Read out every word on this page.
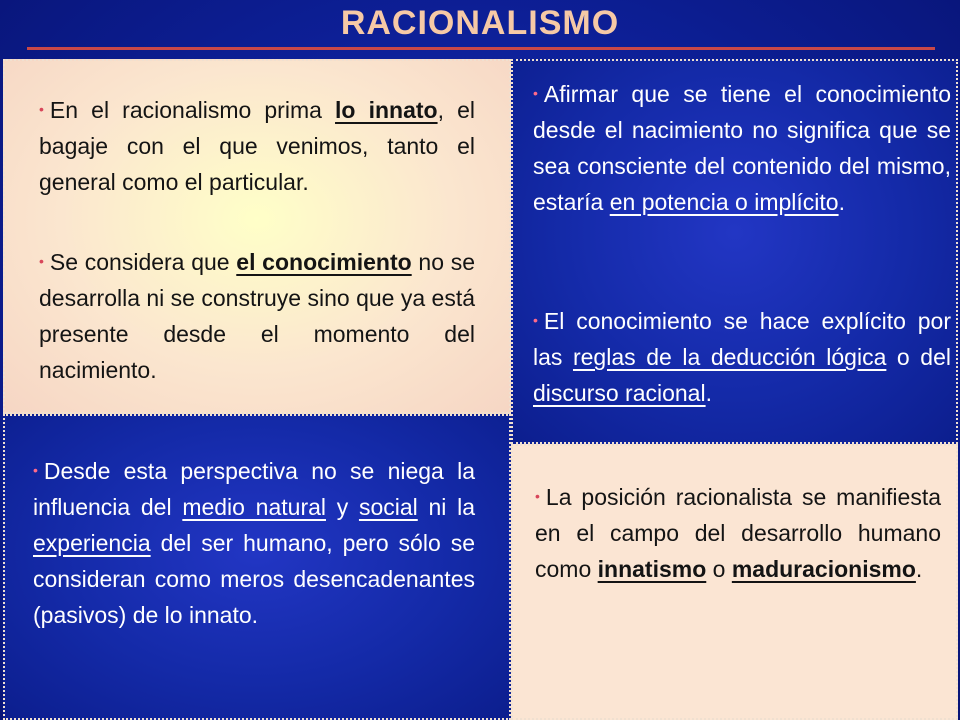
RACIONALISMO
• En el racionalismo prima lo innato, el bagaje con el que venimos, tanto el general como el particular.
• Se considera que el conocimiento no se desarrolla ni se construye sino que ya está presente desde el momento del nacimiento.
• Afirmar que se tiene el conocimiento desde el nacimiento no significa que se sea consciente del contenido del mismo, estaría en potencia o implícito.
• El conocimiento se hace explícito por las reglas de la deducción lógica o del discurso racional.
• Desde esta perspectiva no se niega la influencia del medio natural y social ni la experiencia del ser humano, pero sólo se consideran como meros desencadenantes (pasivos) de lo innato.
• La posición racionalista se manifiesta en el campo del desarrollo humano como innatismo o maduracionismo.
